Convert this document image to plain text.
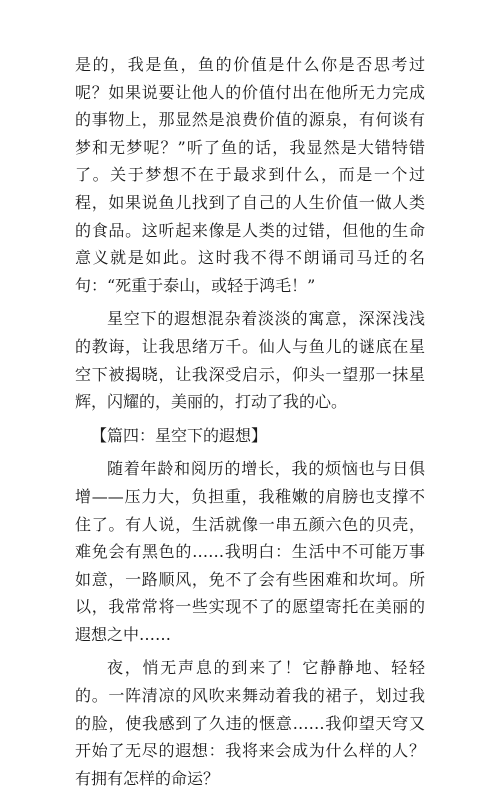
是的，我是鱼，鱼的价值是什么你是否思考过呢？如果说要让他人的价值付出在他所无力完成的事物上，那显然是浪费价值的源泉，有何谈有梦和无梦呢？”听了鱼的话，我显然是大错特错了。关于梦想不在于最求到什么，而是一个过程，如果说鱼儿找到了自己的人生价值一做人类的食品。这听起来像是人类的过错，但他的生命意义就是如此。这时我不得不朗诵司马迁的名句：“死重于泰山，或轻于鸿毛！”

星空下的遐想混杂着淡淡的寓意，深深浅浅的教诲，让我思绪万千。仙人与鱼儿的谜底在星空下被揭晓，让我深受启示，仰头一望那一抹星辉，闪耀的，美丽的，打动了我的心。

【篇四：星空下的遐想】

随着年龄和阅历的增长，我的烦恼也与日俱增——压力大，负担重，我稚嫩的肩膀也支撑不住了。有人说，生活就像一串五颜六色的贝壳，难免会有黑色的……我明白：生活中不可能万事如意，一路顺风，免不了会有些困难和坎坷。所以，我常常将一些实现不了的愿望寄托在美丽的遐想之中……

夜，悄无声息的到来了！它静静地、轻轻的。一阵清凉的风吹来舞动着我的裙子，划过我的脸，使我感到了久违的惬意……我仰望天穹又开始了无尽的遐想：我将来会成为什么样的人？有拥有怎样的命运？
